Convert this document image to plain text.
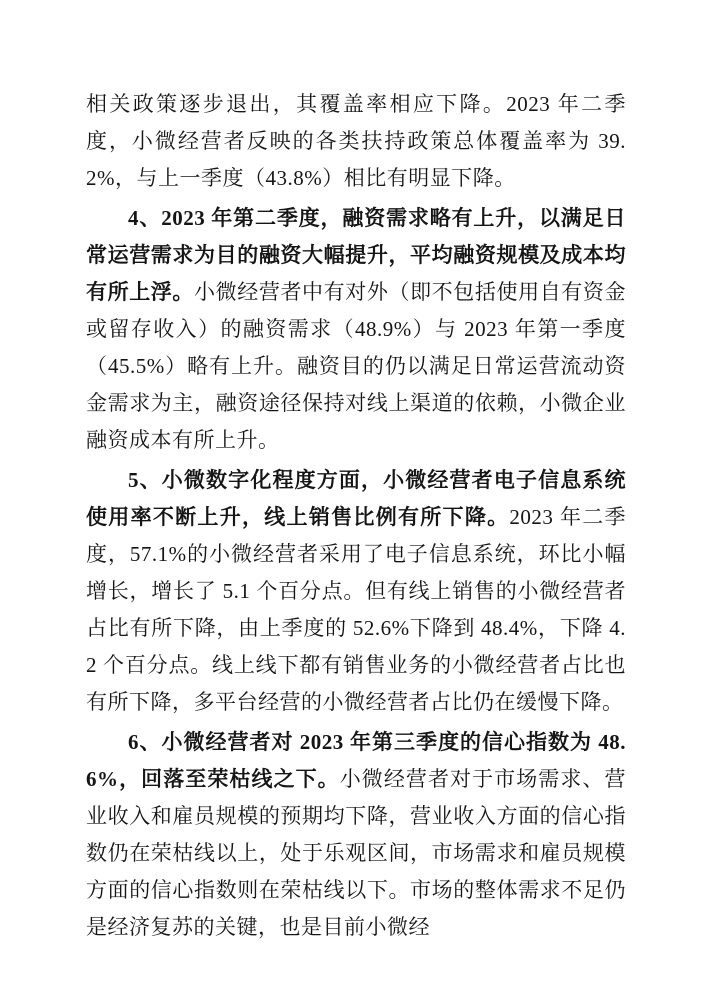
相关政策逐步退出，其覆盖率相应下降。2023 年二季度，小微经营者反映的各类扶持政策总体覆盖率为 39.2%，与上一季度（43.8%）相比有明显下降。

4、2023 年第二季度，融资需求略有上升，以满足日常运营需求为目的融资大幅提升，平均融资规模及成本均有所上浮。小微经营者中有对外（即不包括使用自有资金或留存收入）的融资需求（48.9%）与 2023 年第一季度（45.5%）略有上升。融资目的仍以满足日常运营流动资金需求为主，融资途径保持对线上渠道的依赖，小微企业融资成本有所上升。

5、小微数字化程度方面，小微经营者电子信息系统使用率不断上升，线上销售比例有所下降。2023 年二季度，57.1%的小微经营者采用了电子信息系统，环比小幅增长，增长了 5.1 个百分点。但有线上销售的小微经营者占比有所下降，由上季度的 52.6%下降到 48.4%，下降 4.2 个百分点。线上线下都有销售业务的小微经营者占比也有所下降，多平台经营的小微经营者占比仍在缓慢下降。

6、小微经营者对 2023 年第三季度的信心指数为 48.6%，回落至荣枯线之下。小微经营者对于市场需求、营业收入和雇员规模的预期均下降，营业收入方面的信心指数仍在荣枯线以上，处于乐观区间，市场需求和雇员规模方面的信心指数则在荣枯线以下。市场的整体需求不足仍是经济复苏的关键，也是目前小微经
